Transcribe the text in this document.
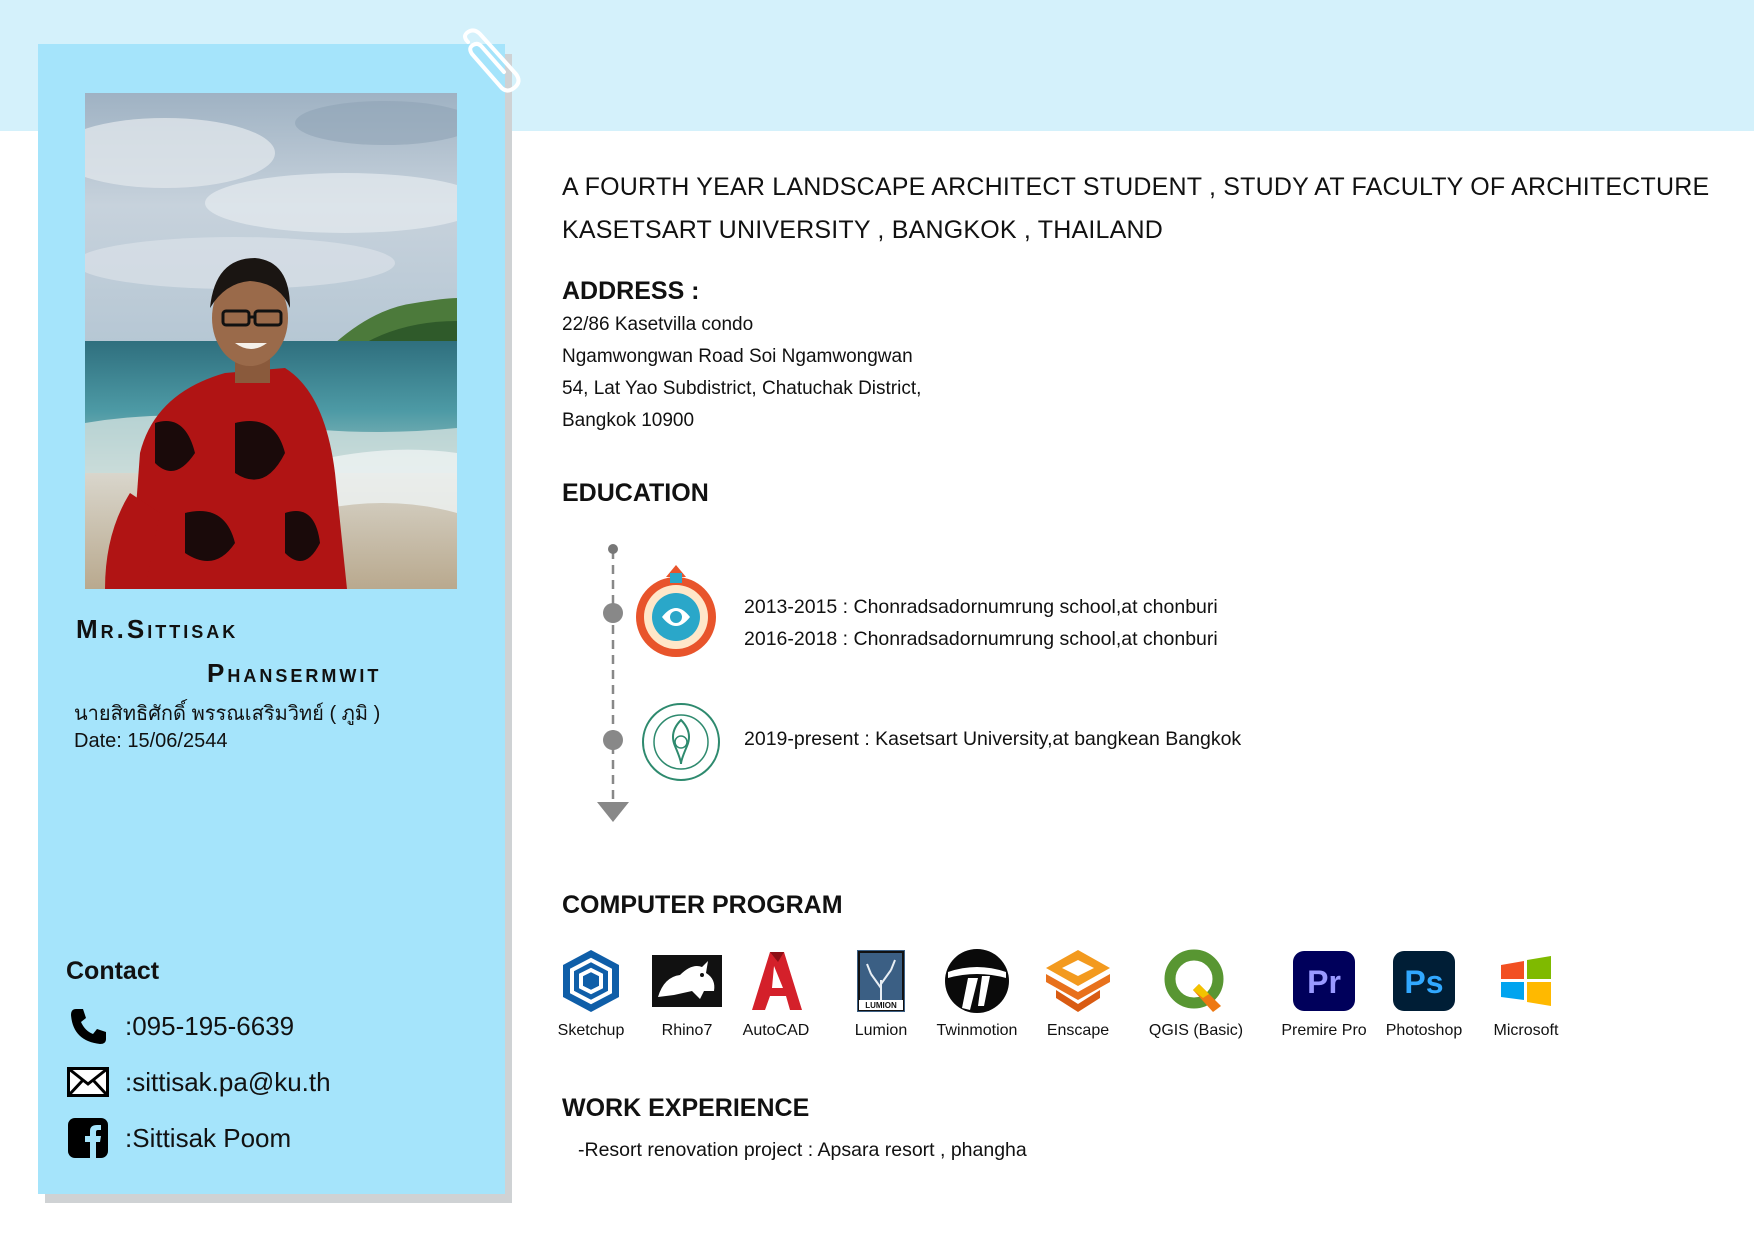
Mr.Sittisak
Phansermwit
นายสิทธิศักดิ์ พรรณเสริมวิทย์ ( ภูมิ )
Date: 15/06/2544
Contact
:095-195-6639
:sittisak.pa@ku.th
:Sittisak Poom
A FOURTH YEAR LANDSCAPE ARCHITECT STUDENT , STUDY AT FACULTY OF ARCHITECTURE
KASETSART UNIVERSITY , BANGKOK , THAILAND
ADDRESS :
22/86 Kasetvilla condo
Ngamwongwan Road Soi Ngamwongwan
54, Lat Yao Subdistrict, Chatuchak District,
Bangkok 10900
EDUCATION
2013-2015 : Chonradsadornumrung school,at chonburi
2016-2018 : Chonradsadornumrung school,at chonburi
2019-present : Kasetsart University,at bangkean Bangkok
COMPUTER PROGRAM
Sketchup	Rhino7	AutoCAD
LUMION
Lumion	Twinmotion	Enscape	QGIS (Basic)
Pr
Premire Pro
Ps
Photoshop	Microsoft
WORK EXPERIENCE
-Resort renovation project : Apsara resort , phangha
